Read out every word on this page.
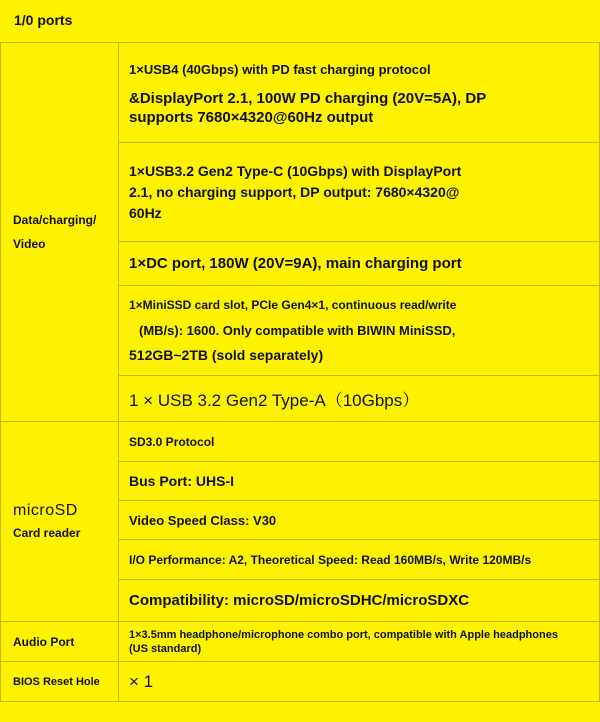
1/0 ports
Data/charging/
Video	1×USB4 (40Gbps) with PD fast charging protocol
&DisplayPort 2.1, 100W PD charging (20V=5A), DP
supports 7680×4320@60Hz output

	1×USB3.2 Gen2 Type-C (10Gbps) with DisplayPort
2.1, no charging support, DP output: 7680×4320@
60Hz

	1×DC port, 180W (20V=9A), main charging port

	1×MiniSSD card slot, PCIe Gen4×1, continuous read/write
(MB/s): 1600. Only compatible with BIWIN MiniSSD,
512GB~2TB (sold separately)

	1 × USB 3.2 Gen2 Type-A（10Gbps）

microSD
Card reader	SD3.0 Protocol
	Bus Port: UHS-I
	Video Speed Class: V30
	I/O Performance: A2, Theoretical Speed: Read 160MB/s, Write 120MB/s
	Compatibility: microSD/microSDHC/microSDXC
Audio Port	1×3.5mm headphone/microphone combo port, compatible with Apple headphones
(US standard)

BIOS Reset Hole	× 1
